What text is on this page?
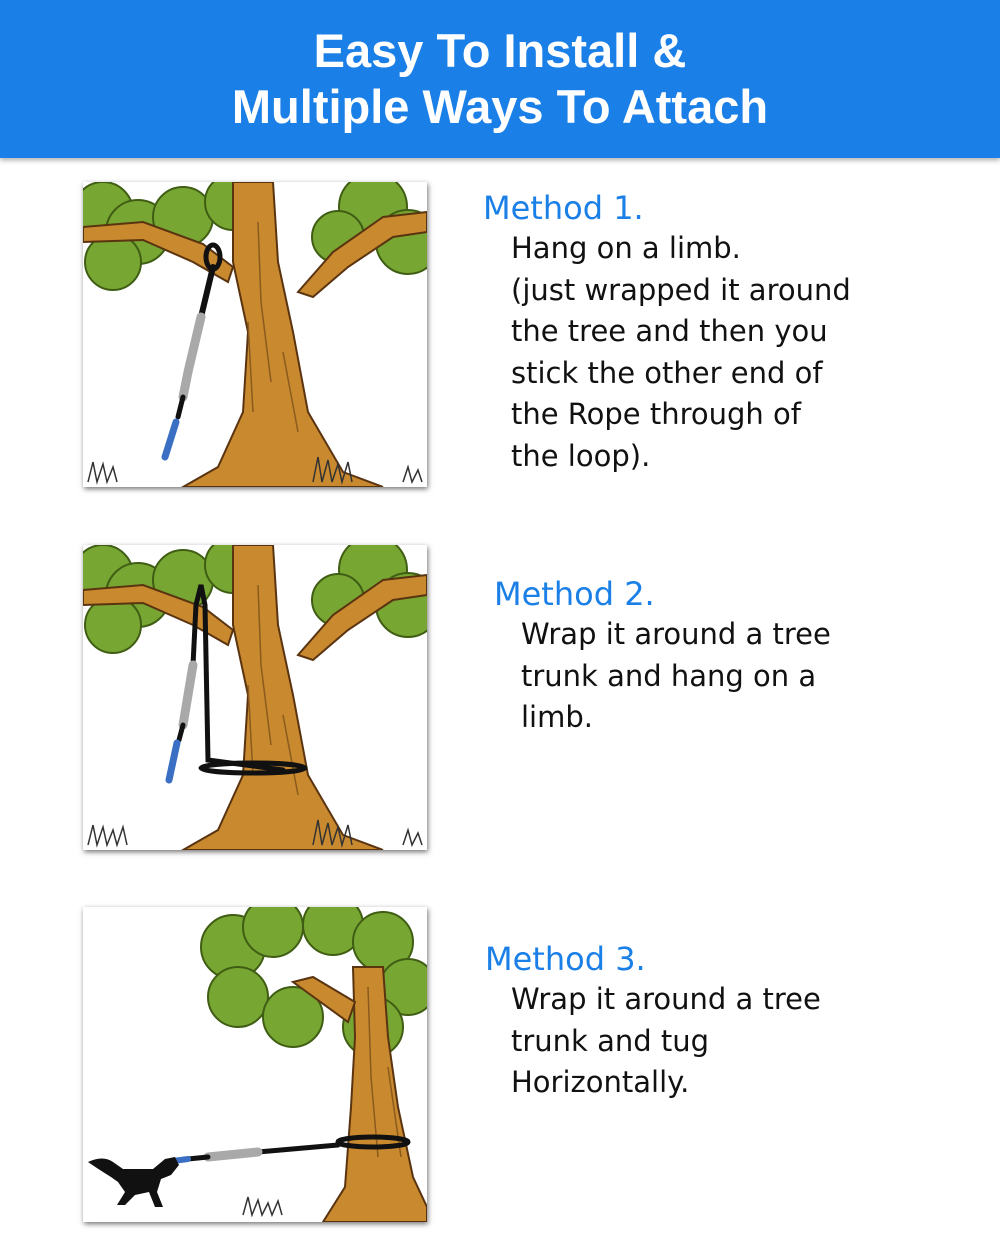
Easy To Install &
Multiple Ways To Attach
Method 1.
Hang on a limb.
(just wrapped it around
the tree and then you
stick the other end of
the Rope through of
the loop).
Method 2.
Wrap it around a tree
trunk and hang on a
limb.
Method 3.
Wrap it around a tree
trunk and tug
Horizontally.
